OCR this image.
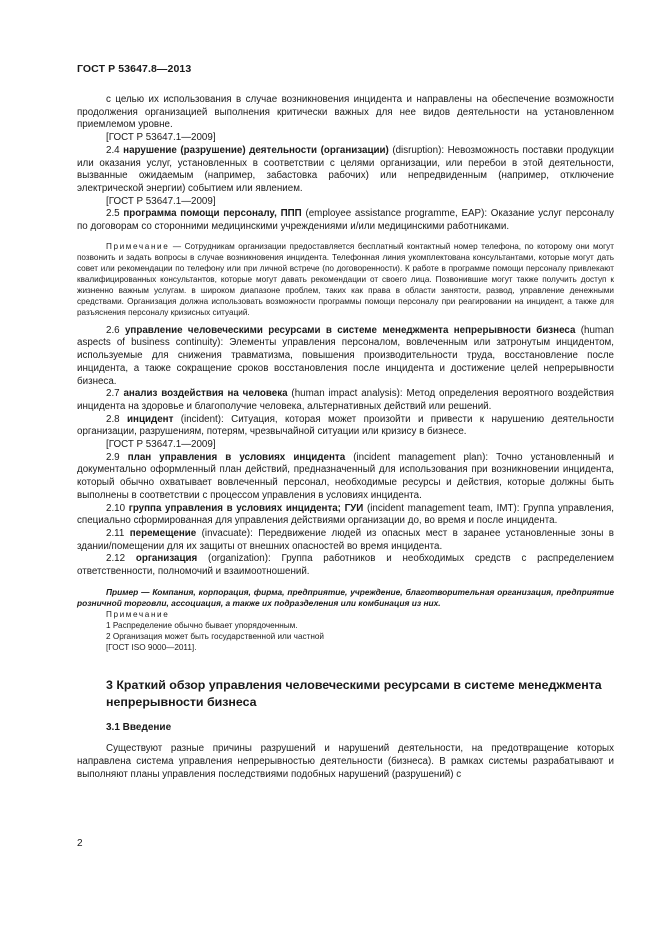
ГОСТ Р 53647.8—2013

с целью их использования в случае возникновения инцидента и направлены на обеспечение возможности продолжения организацией выполнения критически важных для нее видов деятельности на установленном приемлемом уровне.

[ГОСТ Р 53647.1—2009]

2.4 нарушение (разрушение) деятельности (организации) (disruption): Невозможность поставки продукции или оказания услуг, установленных в соответствии с целями организации, или перебои в этой деятельности, вызванные ожидаемым (например, забастовка рабочих) или непредвиденным (например, отключение электрической энергии) событием или явлением.

[ГОСТ Р 53647.1—2009]

2.5 программа помощи персоналу, ППП (employee assistance programme, EAP): Оказание услуг персоналу по договорам со сторонними медицинскими учреждениями и/или медицинскими работниками.

Примечание — Сотрудникам организации предоставляется бесплатный контактный номер телефона, по которому они могут позвонить и задать вопросы в случае возникновения инцидента. Телефонная линия укомплектована консультантами, которые могут дать совет или рекомендации по телефону или при личной встрече (по договоренности). К работе в программе помощи персоналу привлекают квалифицированных консультантов, которые могут давать рекомендации от своего лица. Позвонившие могут также получить доступ к жизненно важным услугам. в широком диапазоне проблем, таких как права в области занятости, развод, управление денежными средствами. Организация должна использовать возможности программы помощи персоналу при реагировании на инцидент, а также для разъяснения персоналу кризисных ситуаций.

2.6 управление человеческими ресурсами в системе менеджмента непрерывности бизнеса (human aspects of business continuity): Элементы управления персоналом, вовлеченным или затронутым инцидентом, используемые для снижения травматизма, повышения производительности труда, восстановление после инцидента, а также сокращение сроков восстановления после инцидента и достижение целей непрерывности бизнеса.

2.7 анализ воздействия на человека (human impact analysis): Метод определения вероятного воздействия инцидента на здоровье и благополучие человека, альтернативных действий или решений.

2.8 инцидент (incident): Ситуация, которая может произойти и привести к нарушению деятельности организации, разрушениям, потерям, чрезвычайной ситуации или кризису в бизнесе.

[ГОСТ Р 53647.1—2009]

2.9 план управления в условиях инцидента (incident management plan): Точно установленный и документально оформленный план действий, предназначенный для использования при возникновении инцидента, который обычно охватывает вовлеченный персонал, необходимые ресурсы и действия, которые должны быть выполнены в соответствии с процессом управления в условиях инцидента.

2.10 группа управления в условиях инцидента; ГУИ (incident management team, IMT): Группа управления, специально сформированная для управления действиями организации до, во время и после инцидента.

2.11 перемещение (invacuate): Передвижение людей из опасных мест в заранее установленные зоны в здании/помещении для их защиты от внешних опасностей во время инцидента.

2.12 организация (organization): Группа работников и необходимых средств с распределением ответственности, полномочий и взаимоотношений.

Пример — Компания, корпорация, фирма, предприятие, учреждение, благотворительная организация, предприятие розничной торговли, ассоциация, а также их подразделения или комбинация из них.

Примечание

1 Распределение обычно бывает упорядоченным.

2 Организация может быть государственной или частной

[ГОСТ ISO 9000—2011].

3 Краткий обзор управления человеческими ресурсами в системе менеджмента непрерывности бизнеса
3.1 Введение

Существуют разные причины разрушений и нарушений деятельности, на предотвращение которых направлена система управления непрерывностью деятельности (бизнеса). В рамках системы разрабатывают и выполняют планы управления последствиями подобных нарушений (разрушений) с

2
